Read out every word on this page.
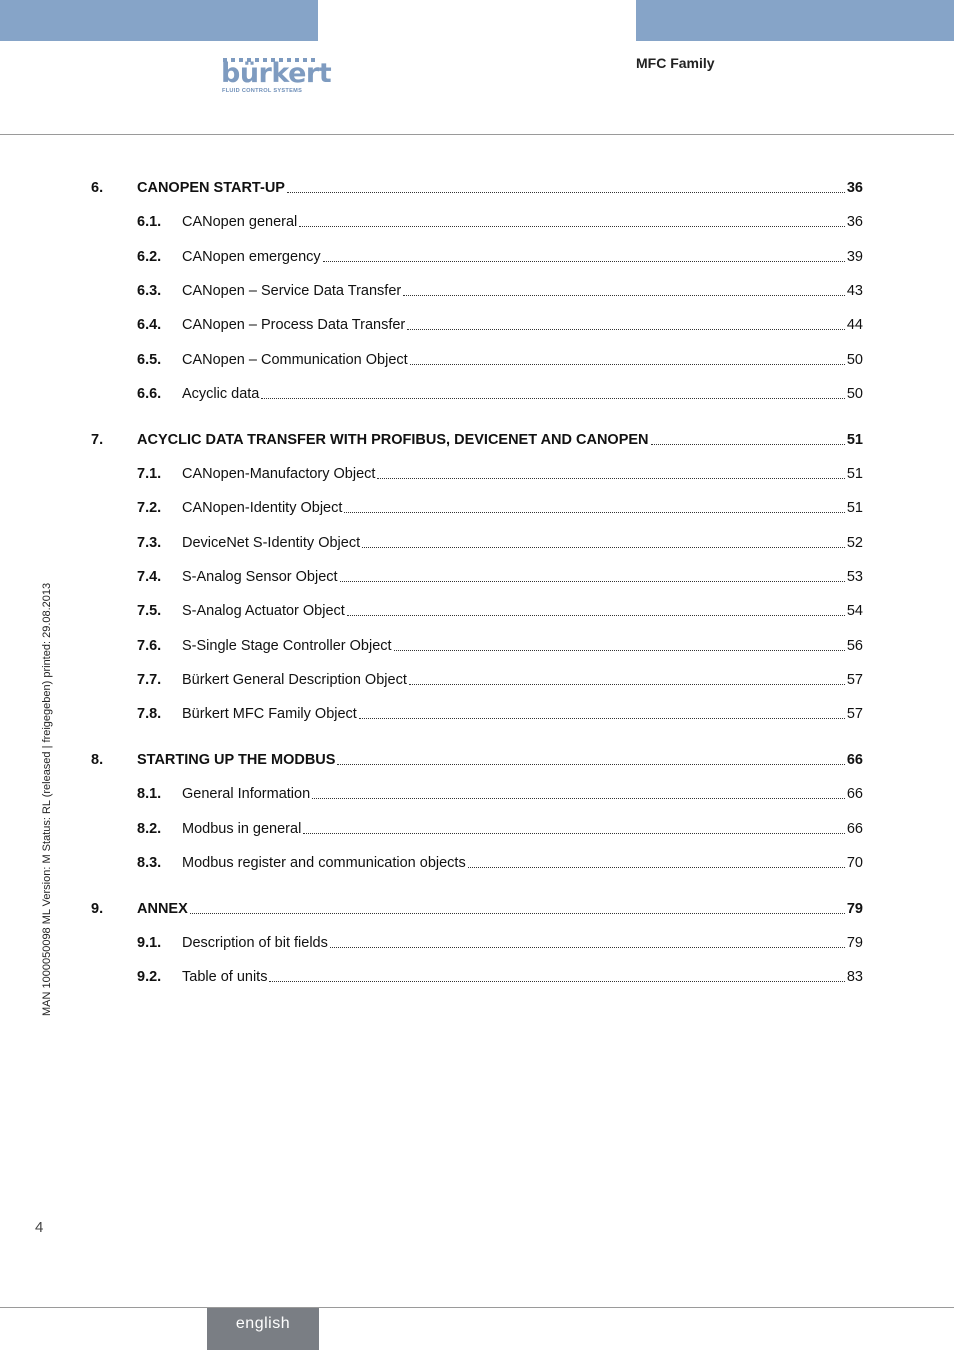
bürkert
FLUID CONTROL SYSTEMS
MFC Family
MAN 1000050098 ML Version: M Status: RL (released | freigegeben) printed: 29.08.2013
6.	CANOPEN START-UP	36
6.1.	CANopen general	36
6.2.	CANopen emergency	39
6.3.	CANopen – Service Data Transfer	43
6.4.	CANopen – Process Data Transfer	44
6.5.	CANopen – Communication Object	50
6.6.	Acyclic data	50
7.	ACYCLIC DATA TRANSFER WITH PROFIBUS, DEVICENET AND CANOPEN	51
7.1.	CANopen-Manufactory Object	51
7.2.	CANopen-Identity Object	51
7.3.	DeviceNet S-Identity Object	52
7.4.	S-Analog Sensor Object	53
7.5.	S-Analog Actuator Object	54
7.6.	S-Single Stage Controller Object	56
7.7.	Bürkert General Description Object	57
7.8.	Bürkert MFC Family Object	57
8.	STARTING UP THE MODBUS	66
8.1.	General Information	66
8.2.	Modbus in general	66
8.3.	Modbus register and communication objects	70
9.	ANNEX	79
9.1.	Description of bit fields	79
9.2.	Table of units	83
4
english
